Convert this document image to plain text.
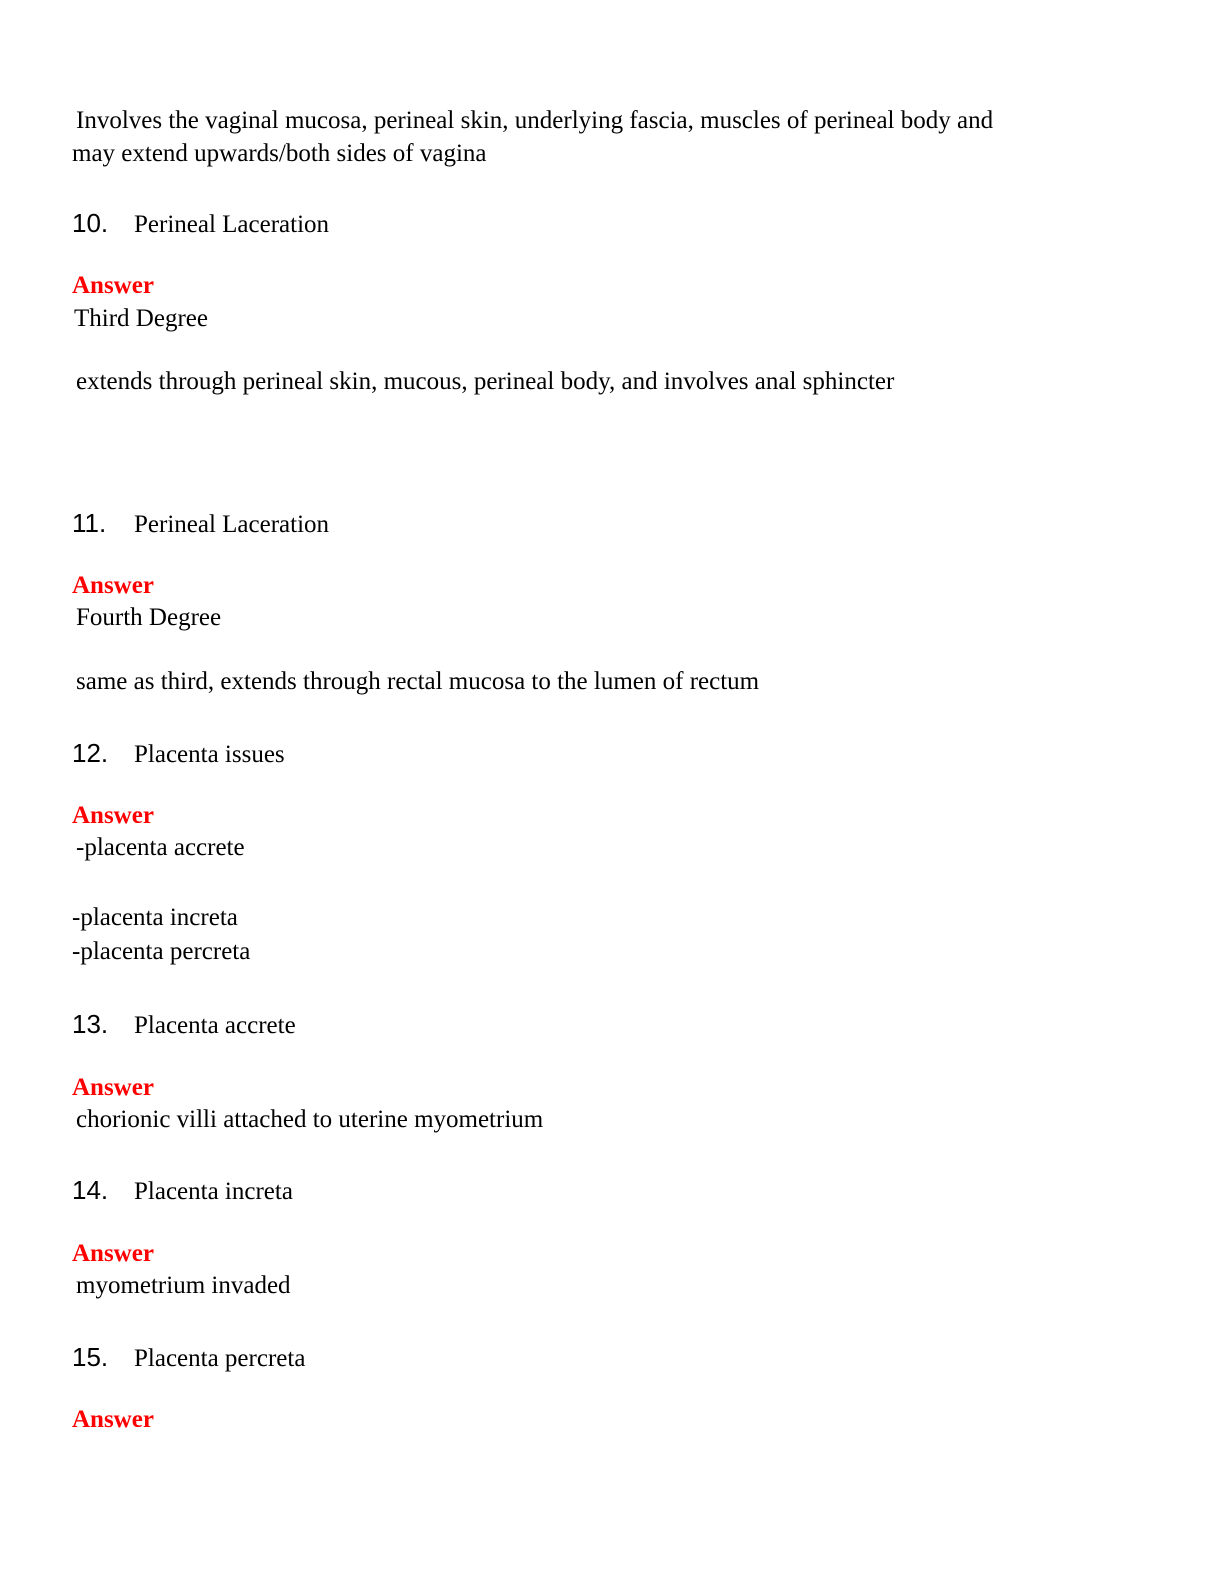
Involves the vaginal mucosa, perineal skin, underlying fascia, muscles of perineal body and
may extend upwards/both sides of vagina
10. Perineal Laceration
Answer
Third Degree
extends through perineal skin, mucous, perineal body, and involves anal sphincter
11. Perineal Laceration
Answer
Fourth Degree
same as third, extends through rectal mucosa to the lumen of rectum
12. Placenta issues
Answer
-placenta accrete
-placenta increta
-placenta percreta
13. Placenta accrete
Answer
chorionic villi attached to uterine myometrium
14. Placenta increta
Answer
myometrium invaded
15. Placenta percreta
Answer
